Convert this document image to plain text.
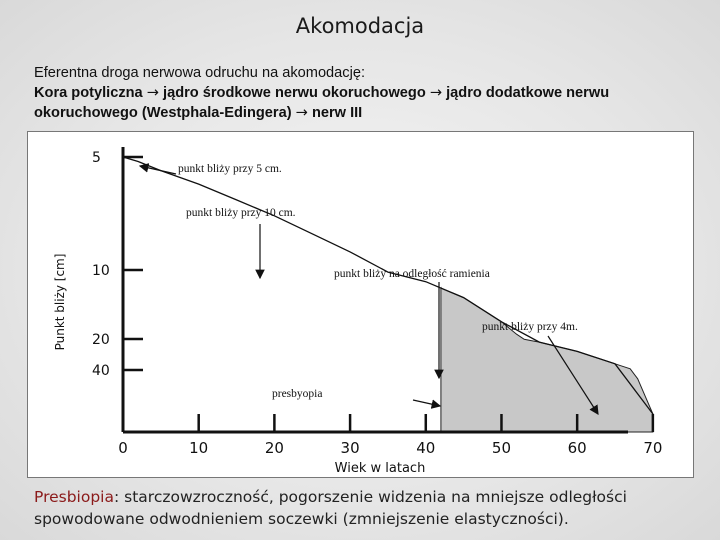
Akomodacja
Eferentna droga nerwowa odruchu na akomodację:
Kora potyliczna → jądro środkowe nerwu okoruchowego → jądro dodatkowe nerwu okoruchowego (Westphala-Edingera) → nerw III
5
10
20
40
0	10	20	30	40	50	60	70
punkt bliży przy 5 cm.
punkt bliży przy 10 cm.
punkt bliży na odległość ramienia
punkt bliży przy 4m.
presbyopia
Punkt bliży [cm]
Wiek w latach
Presbiopia: starczowzroczność, pogorszenie widzenia na mniejsze odległości spowodowane odwodnieniem soczewki (zmniejszenie elastyczności).
